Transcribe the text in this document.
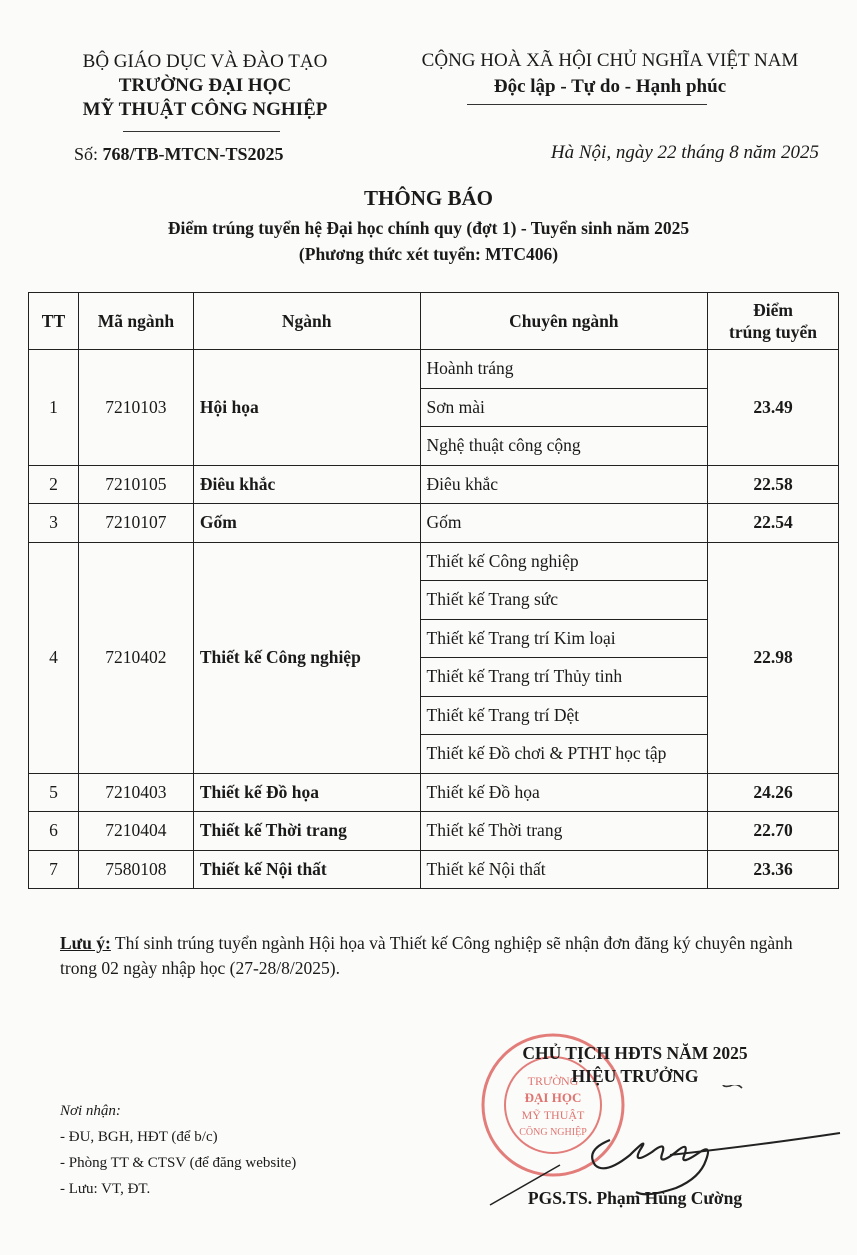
BỘ GIÁO DỤC VÀ ĐÀO TẠO
TRƯỜNG ĐẠI HỌC
MỸ THUẬT CÔNG NGHIỆP
CỘNG HOÀ XÃ HỘI CHỦ NGHĨA VIỆT NAM
Độc lập - Tự do - Hạnh phúc
Số: 768/TB-MTCN-TS2025	Hà Nội, ngày 22 tháng 8 năm 2025
THÔNG BÁO
Điểm trúng tuyển hệ Đại học chính quy (đợt 1) - Tuyển sinh năm 2025
(Phương thức xét tuyển: MTC406)
TT	Mã ngành	Ngành	Chuyên ngành	Điểm
trúng tuyển

1	7210103	Hội họa	Hoành tráng	23.49
			Sơn mài	
			Nghệ thuật công cộng	
2	7210105	Điêu khắc	Điêu khắc	22.58
3	7210107	Gốm	Gốm	22.54
4	7210402	Thiết kế Công nghiệp	Thiết kế Công nghiệp	22.98
			Thiết kế Trang sức	
			Thiết kế Trang trí Kim loại	
			Thiết kế Trang trí Thủy tinh	
			Thiết kế Trang trí Dệt	
			Thiết kế Đồ chơi & PTHT học tập	
5	7210403	Thiết kế Đồ họa	Thiết kế Đồ họa	24.26
6	7210404	Thiết kế Thời trang	Thiết kế Thời trang	22.70
7	7580108	Thiết kế Nội thất	Thiết kế Nội thất	23.36
Lưu ý: Thí sinh trúng tuyển ngành Hội họa và Thiết kế Công nghiệp sẽ nhận đơn đăng ký chuyên ngành trong 02 ngày nhập học (27-28/8/2025).
Nơi nhận:
- ĐU, BGH, HĐT (để b/c)
- Phòng TT & CTSV (để đăng website)
- Lưu: VT, ĐT.
TRƯỜNG
ĐẠI HỌC
MỸ THUẬT
CÔNG NGHIỆP
CHỦ TỊCH HĐTS NĂM 2025
HIỆU TRƯỞNG
PGS.TS. Phạm Hùng Cường
